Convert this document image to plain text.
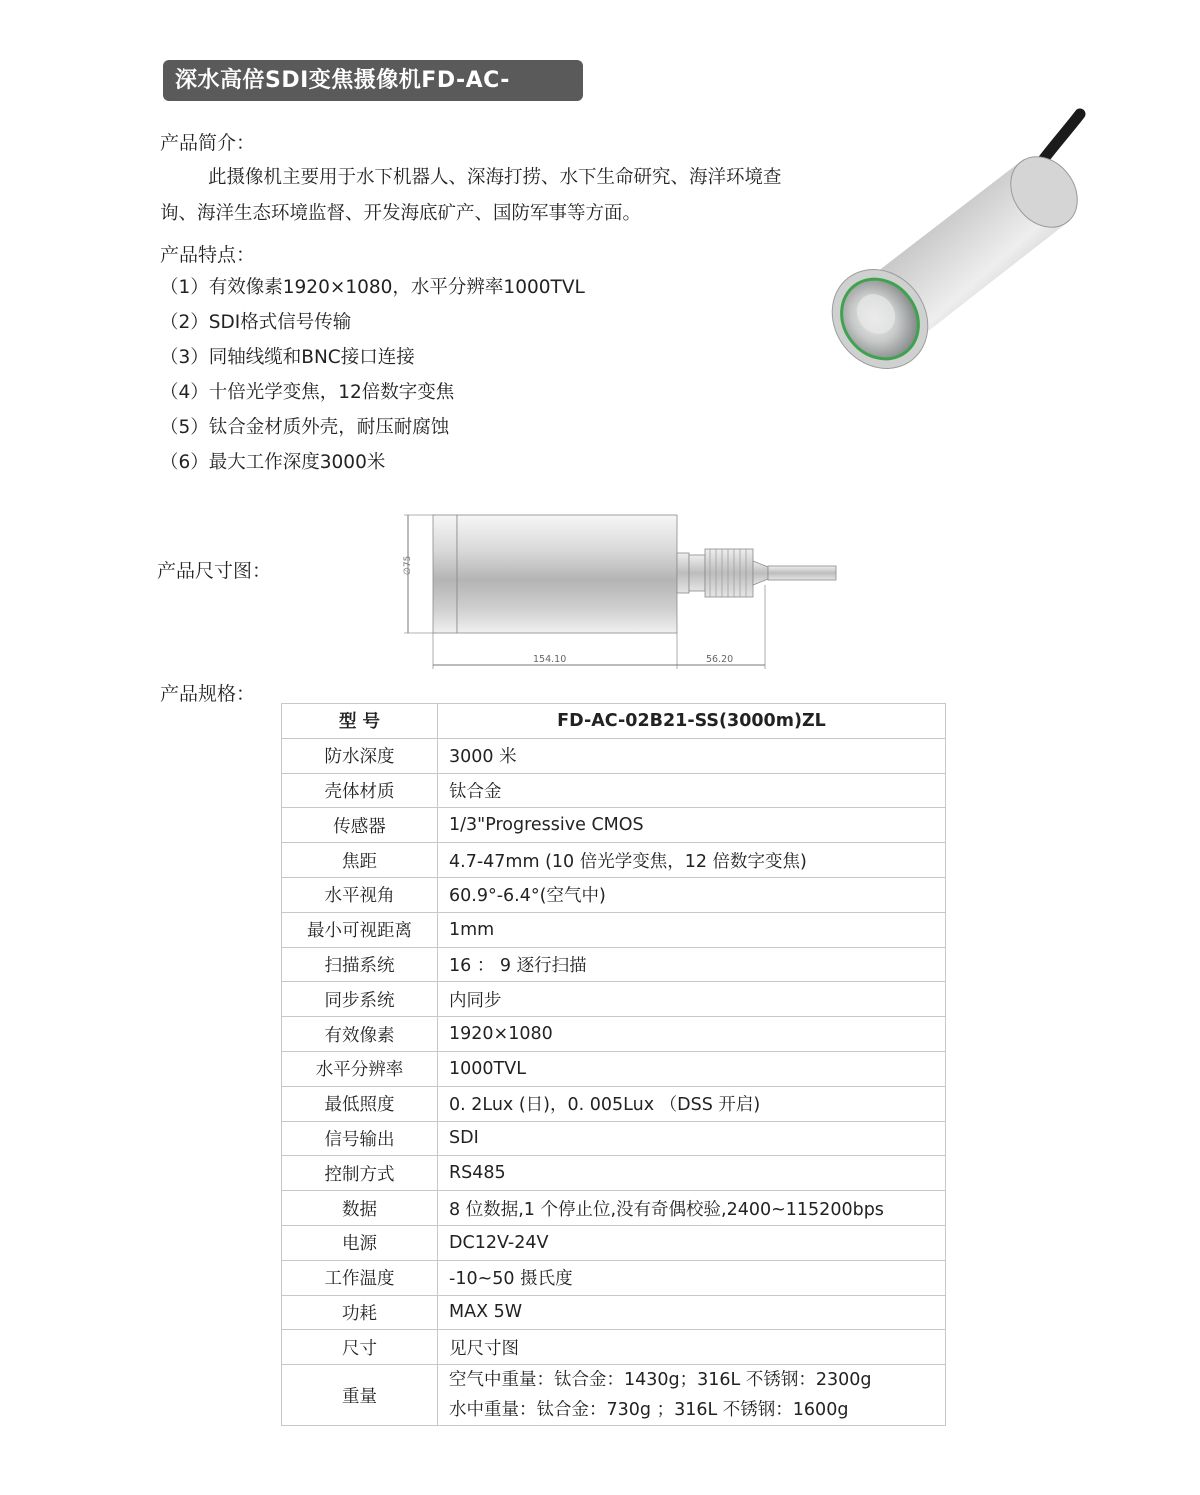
深水高倍SDI变焦摄像机FD-AC-02B21
产品简介：
此摄像机主要用于水下机器人、深海打捞、水下生命研究、海洋环境查
询、海洋生态环境监督、开发海底矿产、国防军事等方面。
产品特点：
（1）有效像素1920×1080，水平分辨率1000TVL
（2）SDI格式信号传输
（3）同轴线缆和BNC接口连接
（4）十倍光学变焦，12倍数字变焦
（5）钛合金材质外壳，耐压耐腐蚀
（6）最大工作深度3000米
产品尺寸图：	∅75
154.10	56.20
产品规格：
型 号	FD-AC-02B21-SS(3000m)ZL
防水深度	3000 米
壳体材质	钛合金
传感器	1/3"Progressive CMOS
焦距	4.7-47mm (10 倍光学变焦，12 倍数字变焦)
水平视角	60.9°-6.4°(空气中)
最小可视距离	1mm
扫描系统	16 ： 9 逐行扫描
同步系统	内同步
有效像素	1920×1080
水平分辨率	1000TVL
最低照度	0. 2Lux (日)，0. 005Lux （DSS 开启)
信号输出	SDI
控制方式	RS485
数据	8 位数据,1 个停止位,没有奇偶校验,2400~115200bps
电源	DC12V-24V
工作温度	-10~50 摄氏度
功耗	MAX 5W
尺寸	见尺寸图
重量	空气中重量：钛合金：1430g；316L 不锈钢：2300g
水中重量：钛合金：730g ；316L 不锈钢：1600g
